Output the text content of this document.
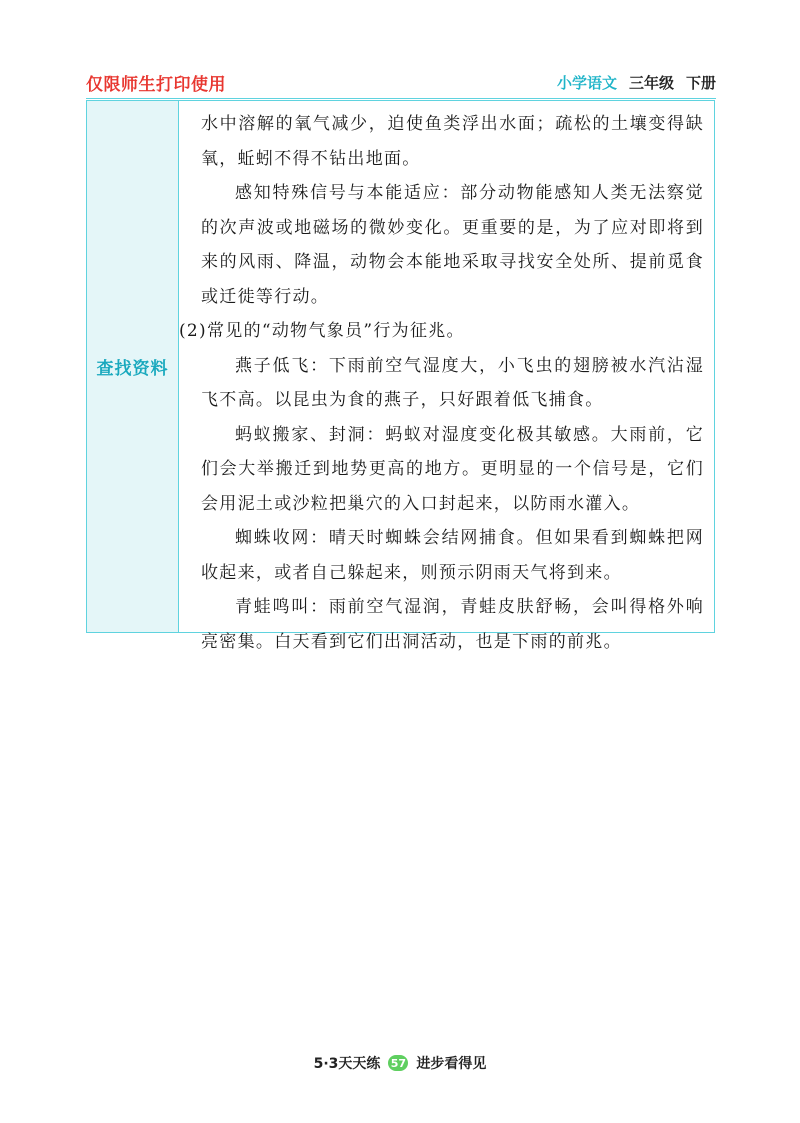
仅限师生打印使用	小学语文 三年级 下册
查找资料

水中溶解的氧气减少，迫使鱼类浮出水面；疏松的土壤变得缺氧，蚯蚓不得不钻出地面。

感知特殊信号与本能适应：部分动物能感知人类无法察觉的次声波或地磁场的微妙变化。更重要的是，为了应对即将到来的风雨、降温，动物会本能地采取寻找安全处所、提前觅食或迁徙等行动。

(2)常见的“动物气象员”行为征兆。

燕子低飞：下雨前空气湿度大，小飞虫的翅膀被水汽沾湿飞不高。以昆虫为食的燕子，只好跟着低飞捕食。

蚂蚁搬家、封洞：蚂蚁对湿度变化极其敏感。大雨前，它们会大举搬迁到地势更高的地方。更明显的一个信号是，它们会用泥土或沙粒把巢穴的入口封起来，以防雨水灌入。

蜘蛛收网：晴天时蜘蛛会结网捕食。但如果看到蜘蛛把网收起来，或者自己躲起来，则预示阴雨天气将到来。

青蛙鸣叫：雨前空气湿润，青蛙皮肤舒畅，会叫得格外响亮密集。白天看到它们出洞活动，也是下雨的前兆。

5·3天天练 57 进步看得见
